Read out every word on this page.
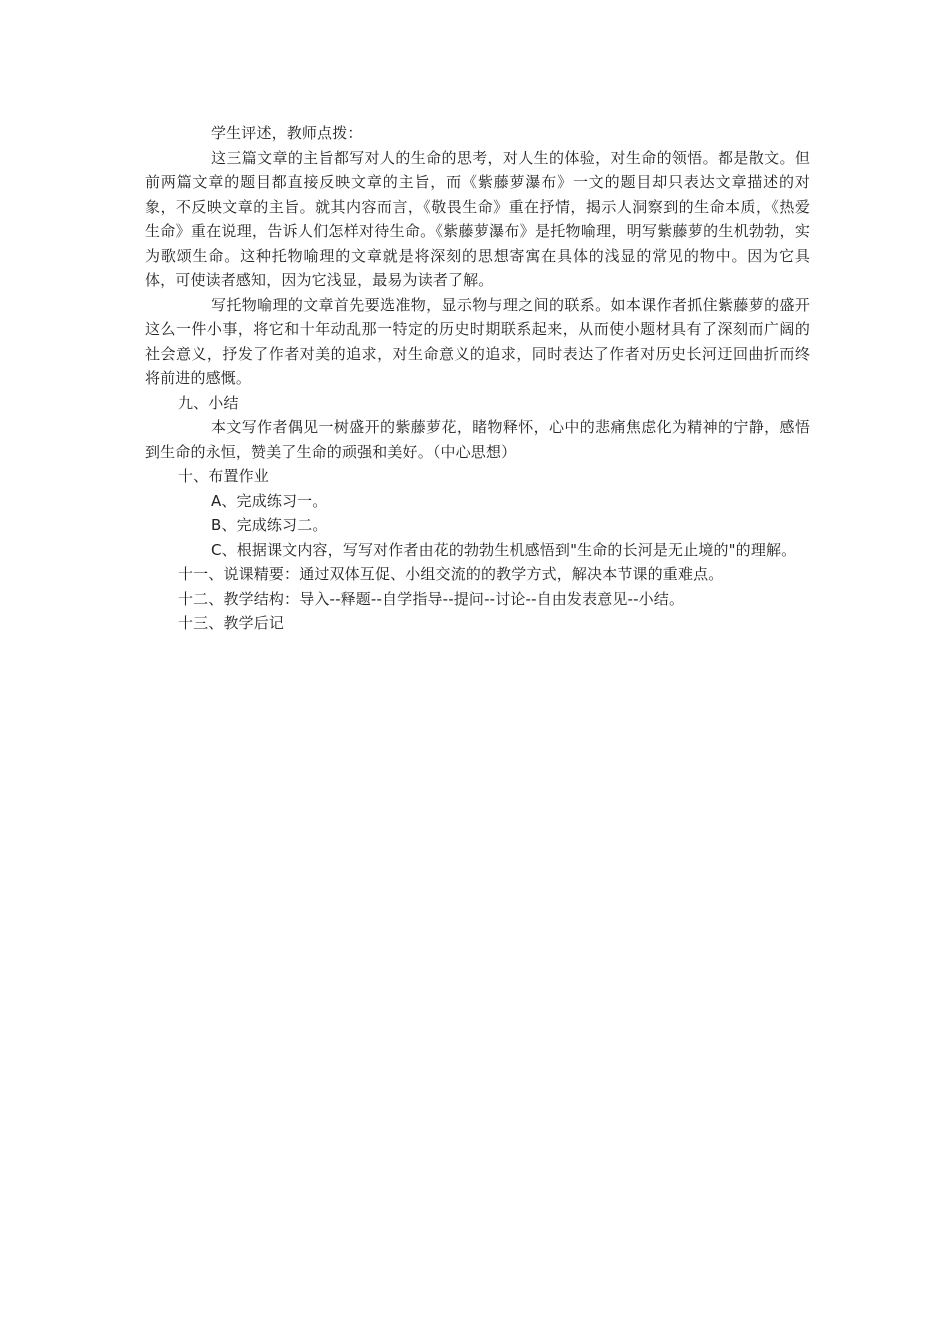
学生评述，教师点拨：

这三篇文章的主旨都写对人的生命的思考，对人生的体验，对生命的领悟。都是散文。但前两篇文章的题目都直接反映文章的主旨，而《紫藤萝瀑布》一文的题目却只表达文章描述的对象，不反映文章的主旨。就其内容而言，《敬畏生命》重在抒情，揭示人洞察到的生命本质，《热爱生命》重在说理，告诉人们怎样对待生命。《紫藤萝瀑布》是托物喻理，明写紫藤萝的生机勃勃，实为歌颂生命。这种托物喻理的文章就是将深刻的思想寄寓在具体的浅显的常见的物中。因为它具体，可使读者感知，因为它浅显，最易为读者了解。

写托物喻理的文章首先要选准物，显示物与理之间的联系。如本课作者抓住紫藤萝的盛开这么一件小事，将它和十年动乱那一特定的历史时期联系起来，从而使小题材具有了深刻而广阔的社会意义，抒发了作者对美的追求，对生命意义的追求，同时表达了作者对历史长河迂回曲折而终将前进的感慨。

九、小结

本文写作者偶见一树盛开的紫藤萝花，睹物释怀，心中的悲痛焦虑化为精神的宁静，感悟到生命的永恒，赞美了生命的顽强和美好。（中心思想）

十、布置作业

A、完成练习一。

B、完成练习二。

C、根据课文内容，写写对作者由花的勃勃生机感悟到"生命的长河是无止境的"的理解。

十一、说课精要：通过双体互促、小组交流的的教学方式，解决本节课的重难点。

十二、教学结构：导入--释题--自学指导--提问--讨论--自由发表意见--小结。

十三、教学后记
